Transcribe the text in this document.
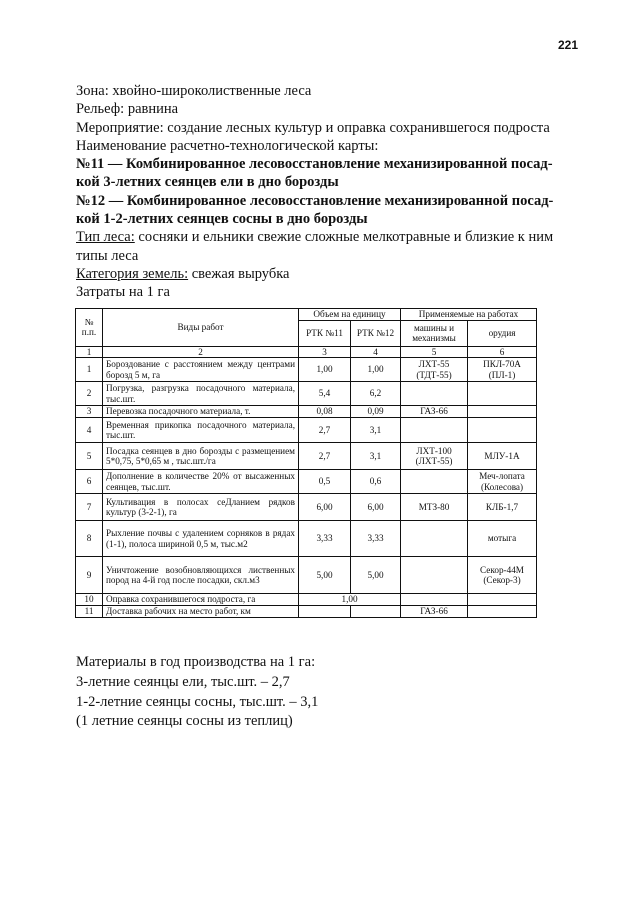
221
Зона: хвойно-широколиственные леса
Рельеф: равнина
Мероприятие: создание лесных культур и оправка сохранившегося подроста
Наименование расчетно-технологической карты:
№11 — Комбинированное лесовосстановление механизированной посад-
кой 3-летних сеянцев ели в дно борозды
№12 — Комбинированное лесовосстановление механизированной посад-
кой 1-2-летних сеянцев сосны в дно борозды
Тип леса: сосняки и ельники свежие сложные мелкотравные и близкие к ним
типы леса
Категория земель: свежая вырубка
Затраты на 1 га
№ п.п.	Виды работ	Объем на единицу		Применяемые на работах	
		РТК №11	РТК №12	машины и механизмы	орудия
1	2	3	4	5	6
1	Бороздование с расстоянием между центрами борозд 5 м, га	1,00	1,00	ЛХТ-55 (ТДТ-55)	ПКЛ-70А (ПЛ-1)
2	Погрузка, разгрузка посадочного материала, тыс.шт.	5,4	6,2		
3	Перевозка посадочного материала, т.	0,08	0,09	ГАЗ-66	
4	Временная прикопка посадочного материала, тыс.шт.	2,7	3,1		
5	Посадка сеянцев в дно борозды с размещением 5*0,75, 5*0,65 м , тыс.шт./га	2,7	3,1	ЛХТ-100 (ЛХТ-55)	МЛУ-1А
6	Дополнение в количестве 20% от высаженных сеянцев, тыс.шт.	0,5	0,6		Меч-лопата (Колесова)
7	Культивация в полосах сеДланием рядков культур (3-2-1), га	6,00	6,00	МТЗ-80	КЛБ-1,7
8	Рыхление почвы с удалением сорняков в рядах (1-1), полоса шириной 0,5 м, тыс.м2	3,33	3,33		мотыга
9	Уничтожение возобновляющихся лиственных пород на 4-й год после посадки, скл.м3	5,00	5,00		Секор-44М (Секор-3)
10	Оправка сохранившегося подроста, га	1,00			
11	Доставка рабочих на место работ, км			ГАЗ-66	
Материалы в год производства на 1 га:
3-летние сеянцы ели, тыс.шт. – 2,7
1-2-летние сеянцы сосны, тыс.шт. – 3,1
(1 летние сеянцы сосны из теплиц)
